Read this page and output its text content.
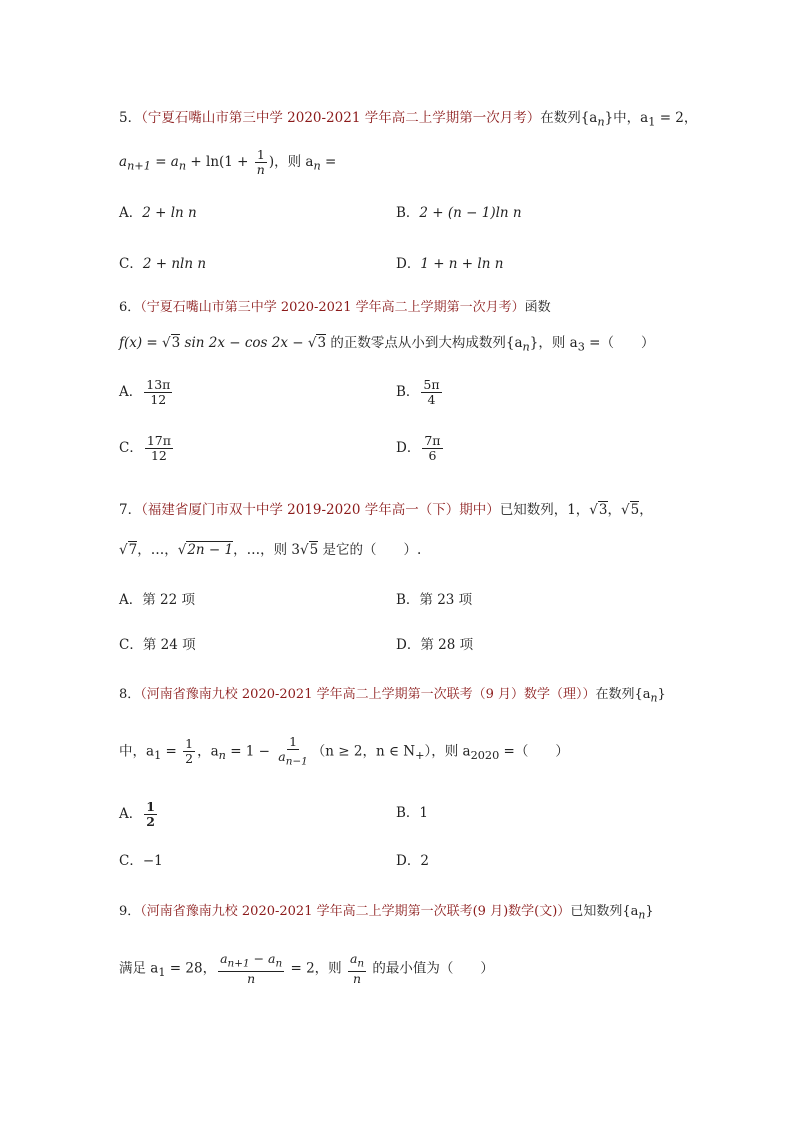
5．（宁夏石嘴山市第三中学 2020-2021 学年高二上学期第一次月考）在数列$\{a_n\}$中，$a_1 = 2$，
$a_{n+1} = a_n + \ln(1 + \frac{1}{n}$ )，则 $a_n$ =
A．2 + ln n	B．2 + (n − 1)ln n
C．2 + nln n	D．1 + n + ln n
6．（宁夏石嘴山市第三中学 2020-2021 学年高二上学期第一次月考）函数
f(x) = √3 sin 2x − cos 2x − √3 的正数零点从小到大构成数列$\{a_n\}$，则 $a_3$ =（　　）
A． $\frac{13\pi}{12}$	B． $\frac{5\pi}{4}$
C． $\frac{17\pi}{12}$	D． $\frac{7\pi}{6}$
7．（福建省厦门市双十中学 2019-2020 学年高一（下）期中）已知数列，1，√3，√5，
√7，…，√2n − 1，…，则 3√5 是它的（　　）.
A．第 22 项	B．第 23 项
C．第 24 项	D．第 28 项
8．（河南省豫南九校 2020-2021 学年高二上学期第一次联考（9 月）数学（理））在数列$\{a_n\}$
中，$a_1 = \frac{1}{2}$ ，$a_n = 1 - \frac{1}{a_{n-1}} (n \ge 2$，n ∈ $N_+$），则 $a_{2020}$ =（　　）
A． $\frac{1}{2}$	B．1
C．−1	D．2
9．（河南省豫南九校 2020-2021 学年高二上学期第一次联考(9 月)数学(文)）已知数列$\{a_n\}$
满足 $a_1 = 28$， $\frac{a_{n+1} - a_n}{n} = 2$，则 $\frac{a_n}{n}$ 的最小值为（　　）
